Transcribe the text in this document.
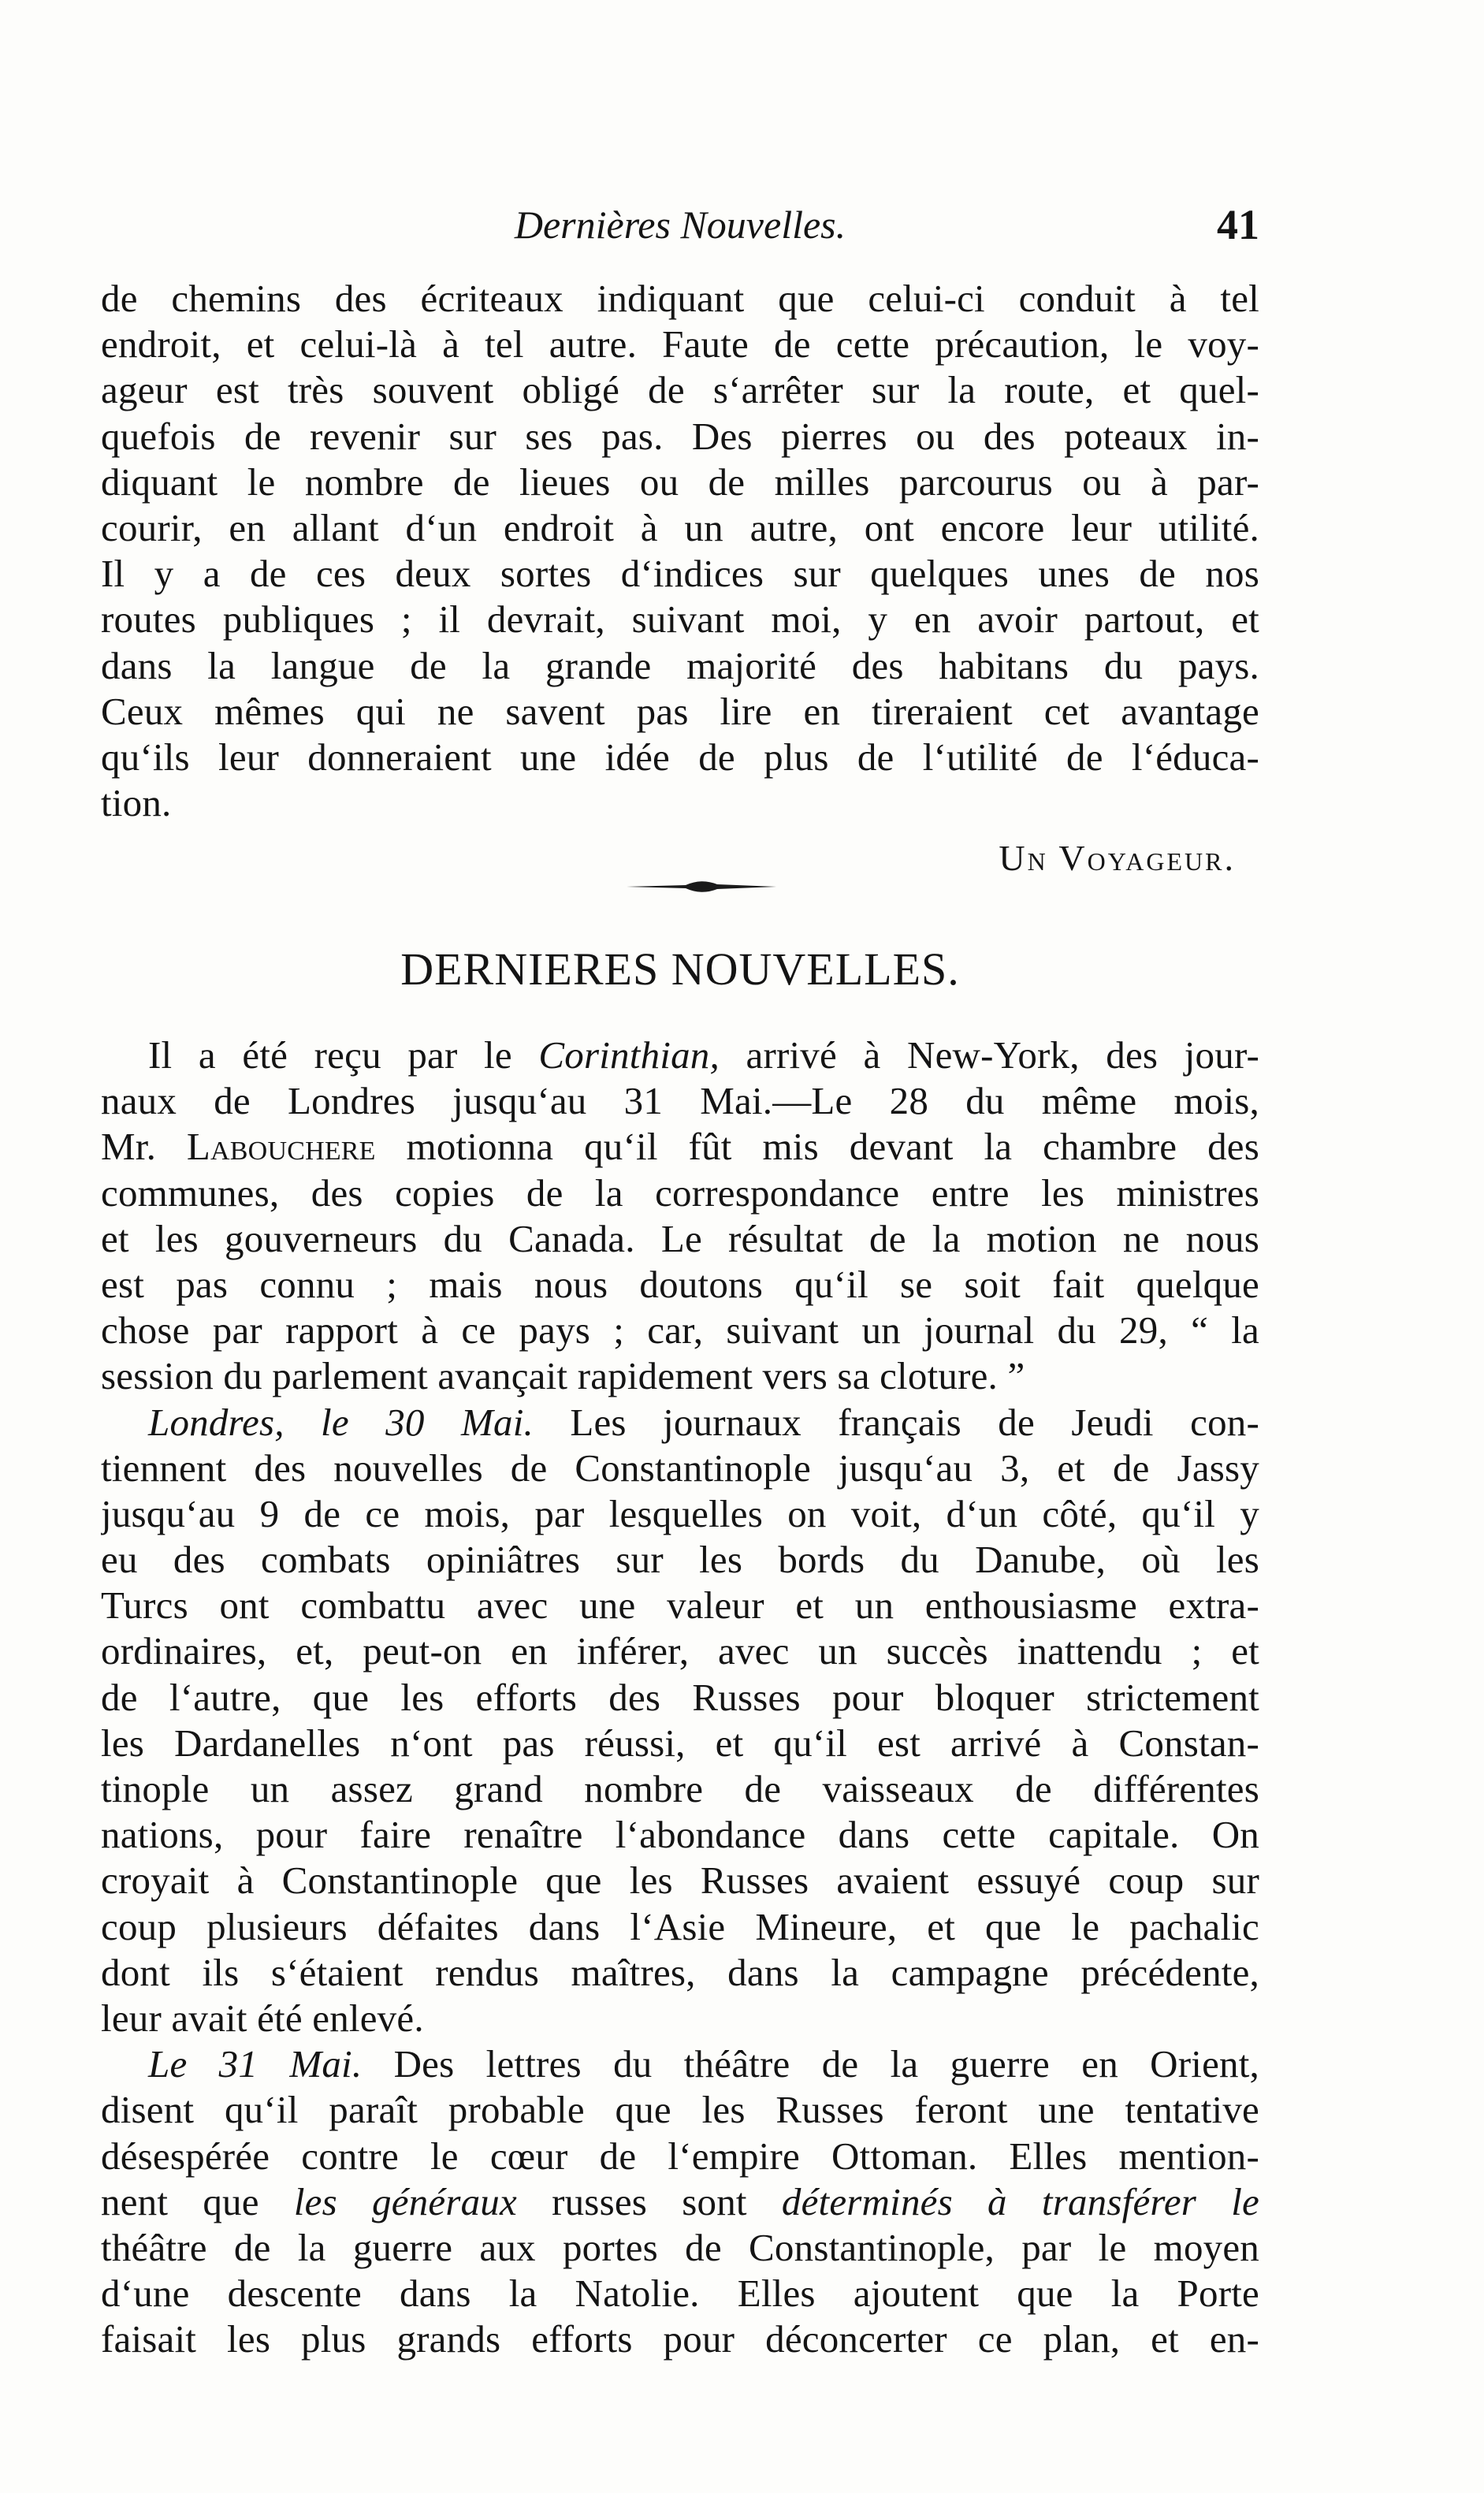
Dernières Nouvelles.	41

de chemins des écriteaux indiquant que celui-ci conduit à tel
endroit, et celui-là à tel autre. Faute de cette précaution, le voy-
ageur est très souvent obligé de s‘arrêter sur la route, et quel-
quefois de revenir sur ses pas. Des pierres ou des poteaux in-
diquant le nombre de lieues ou de milles parcourus ou à par-
courir, en allant d‘un endroit à un autre, ont encore leur utilité.
Il y a de ces deux sortes d‘indices sur quelques unes de nos
routes publiques ; il devrait, suivant moi, y en avoir partout, et
dans la langue de la grande majorité des habitans du pays.
Ceux mêmes qui ne savent pas lire en tireraient cet avantage
qu‘ils leur donneraient une idée de plus de l‘utilité de l‘éduca-
tion.

Un Voyageur.
DERNIERES NOUVELLES.

Il a été reçu par le Corinthian, arrivé à New-York, des jour-
naux de Londres jusqu‘au 31 Mai.—Le 28 du même mois,
Mr. Labouchere motionna qu‘il fût mis devant la chambre des
communes, des copies de la correspondance entre les ministres
et les gouverneurs du Canada. Le résultat de la motion ne nous
est pas connu ; mais nous doutons qu‘il se soit fait quelque
chose par rapport à ce pays ; car, suivant un journal du 29, “ la
session du parlement avançait rapidement vers sa cloture. ”

Londres, le 30 Mai. Les journaux français de Jeudi con-
tiennent des nouvelles de Constantinople jusqu‘au 3, et de Jassy
jusqu‘au 9 de ce mois, par lesquelles on voit, d‘un côté, qu‘il y
eu des combats opiniâtres sur les bords du Danube, où les
Turcs ont combattu avec une valeur et un enthousiasme extra-
ordinaires, et, peut-on en inférer, avec un succès inattendu ; et
de l‘autre, que les efforts des Russes pour bloquer strictement
les Dardanelles n‘ont pas réussi, et qu‘il est arrivé à Constan-
tinople un assez grand nombre de vaisseaux de différentes
nations, pour faire renaître l‘abondance dans cette capitale. On
croyait à Constantinople que les Russes avaient essuyé coup sur
coup plusieurs défaites dans l‘Asie Mineure, et que le pachalic
dont ils s‘étaient rendus maîtres, dans la campagne précédente,
leur avait été enlevé.

Le 31 Mai. Des lettres du théâtre de la guerre en Orient,
disent qu‘il paraît probable que les Russes feront une tentative
désespérée contre le cœur de l‘empire Ottoman. Elles mention-
nent que les généraux russes sont déterminés à transférer le
théâtre de la guerre aux portes de Constantinople, par le moyen
d‘une descente dans la Natolie. Elles ajoutent que la Porte
faisait les plus grands efforts pour déconcerter ce plan, et en-
